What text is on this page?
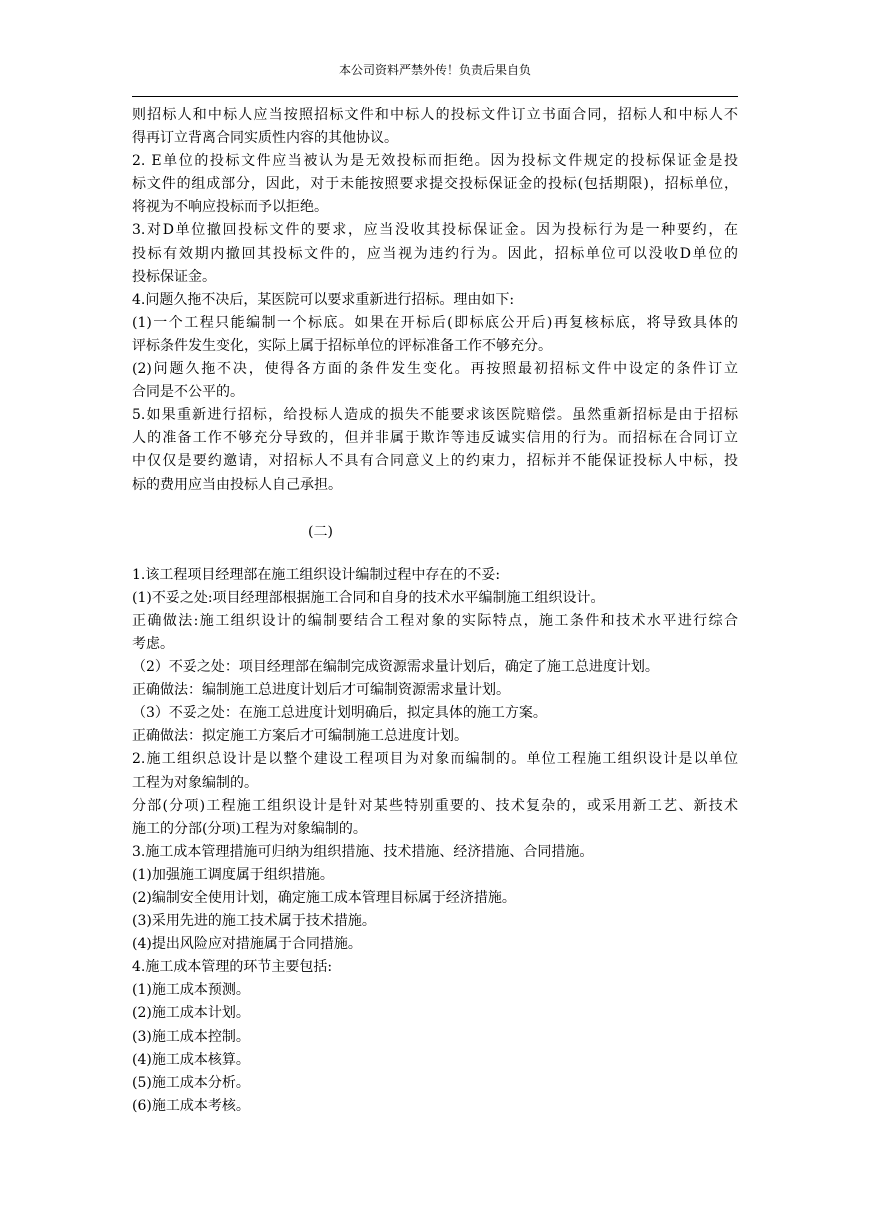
本公司资料严禁外传！负责后果自负

则招标人和中标人应当按照招标文件和中标人的投标文件订立书面合同，招标人和中标人不

得再订立背离合同实质性内容的其他协议。

2. E单位的投标文件应当被认为是无效投标而拒绝。因为投标文件规定的投标保证金是投

标文件的组成部分，因此，对于未能按照要求提交投标保证金的投标(包括期限)，招标单位，

将视为不响应投标而予以拒绝。

3.对D单位撤回投标文件的要求，应当没收其投标保证金。因为投标行为是一种要约，在

投标有效期内撤回其投标文件的，应当视为违约行为。因此，招标单位可以没收D单位的

投标保证金。

4.问题久拖不决后，某医院可以要求重新进行招标。理由如下:

(1)一个工程只能编制一个标底。如果在开标后(即标底公开后)再复核标底，将导致具体的

评标条件发生变化，实际上属于招标单位的评标准备工作不够充分。

(2)问题久拖不决，使得各方面的条件发生变化。再按照最初招标文件中设定的条件订立

合同是不公平的。

5.如果重新进行招标，给投标人造成的损失不能要求该医院赔偿。虽然重新招标是由于招标

人的准备工作不够充分导致的，但并非属于欺诈等违反诚实信用的行为。而招标在合同订立

中仅仅是要约邀请，对招标人不具有合同意义上的约束力，招标并不能保证投标人中标，投

标的费用应当由投标人自己承担。

(二)

1.该工程项目经理部在施工组织设计编制过程中存在的不妥:

(1)不妥之处:项目经理部根据施工合同和自身的技术水平编制施工组织设计。

正确做法:施工组织设计的编制要结合工程对象的实际特点，施工条件和技术水平进行综合

考虑。

（2）不妥之处：项目经理部在编制完成资源需求量计划后，确定了施工总进度计划。

正确做法：编制施工总进度计划后才可编制资源需求量计划。

（3）不妥之处：在施工总进度计划明确后，拟定具体的施工方案。

正确做法：拟定施工方案后才可编制施工总进度计划。

2.施工组织总设计是以整个建设工程项目为对象而编制的。单位工程施工组织设计是以单位

工程为对象编制的。

分部(分项)工程施工组织设计是针对某些特别重要的、技术复杂的，或采用新工艺、新技术

施工的分部(分项)工程为对象编制的。

3.施工成本管理措施可归纳为组织措施、技术措施、经济措施、合同措施。

(1)加强施工调度属于组织措施。

(2)编制安全使用计划，确定施工成本管理目标属于经济措施。

(3)采用先进的施工技术属于技术措施。

(4)提出风险应对措施属于合同措施。

4.施工成本管理的环节主要包括:

(1)施工成本预测。

(2)施工成本计划。

(3)施工成本控制。

(4)施工成本核算。

(5)施工成本分析。

(6)施工成本考核。
